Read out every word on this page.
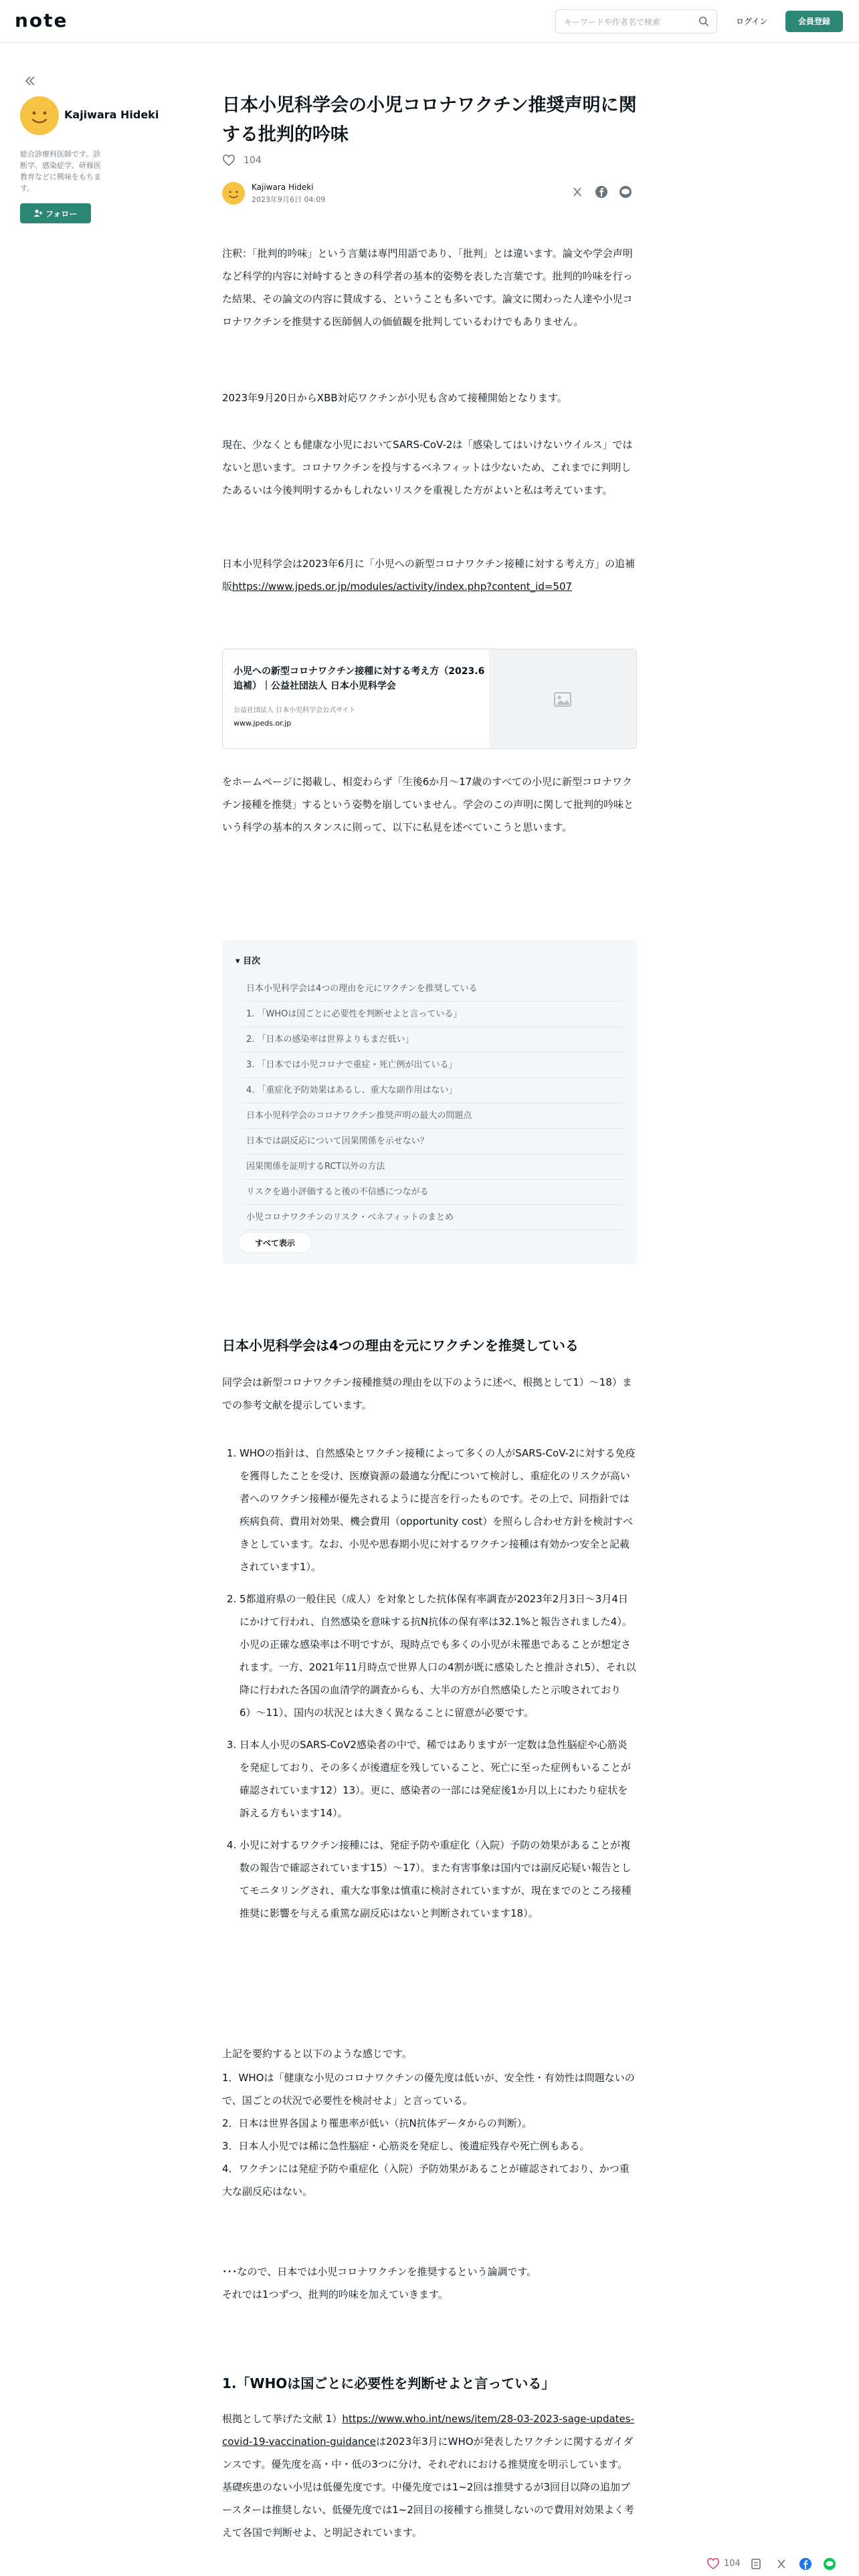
note
キーワードや作者名で検索	ログイン	会員登録
Kajiwara Hideki
総合診療科医師です。診断学、感染症学、研修医教育などに興味をもちます。
フォロー
日本小児科学会の小児コロナワクチン推奨声明に関する批判的吟味
104
Kajiwara Hideki
2023年9月6日 04:09

注釈：「批判的吟味」という言葉は専門用語であり、「批判」とは違います。論文や学会声明など科学的内容に対峙するときの科学者の基本的姿勢を表した言葉です。批判的吟味を行った結果、その論文の内容に賛成する、ということも多いです。論文に関わった人達や小児コロナワクチンを推奨する医師個人の価値観を批判しているわけでもありません。

2023年9月20日からXBB対応ワクチンが小児も含めて接種開始となります。

現在、少なくとも健康な小児においてSARS-CoV-2は「感染してはいけないウイルス」ではないと思います。コロナワクチンを投与するベネフィットは少ないため、これまでに判明したあるいは今後判明するかもしれないリスクを重視した方がよいと私は考えています。

日本小児科学会は2023年6月に「小児への新型コロナワクチン接種に対する考え方」の追補版https://www.jpeds.or.jp/modules/activity/index.php?content_id=507

小児への新型コロナワクチン接種に対する考え方（2023.6追補）｜公益社団法人 日本小児科学会
公益社団法人 日本小児科学会公式サイト
www.jpeds.or.jp

をホームページに掲載し、相変わらず「生後6か月〜17歳のすべての小児に新型コロナワクチン接種を推奨」するという姿勢を崩していません。学会のこの声明に関して批判的吟味という科学の基本的スタンスに則って、以下に私見を述べていこうと思います。

▾ 目次
日本小児科学会は4つの理由を元にワクチンを推奨している
1. 「WHOは国ごとに必要性を判断せよと言っている」
2. 「日本の感染率は世界よりもまだ低い」
3. 「日本では小児コロナで重症・死亡例が出ている」
4. 「重症化予防効果はあるし、重大な副作用はない」
日本小児科学会のコロナワクチン推奨声明の最大の問題点
日本では副反応について因果関係を示せない？
因果関係を証明するRCT以外の方法
リスクを過小評価すると後の不信感につながる
小児コロナワクチンのリスク・ベネフィットのまとめ
すべて表示
日本小児科学会は4つの理由を元にワクチンを推奨している

同学会は新型コロナワクチン接種推奨の理由を以下のように述べ、根拠として1）〜18）までの参考文献を提示しています。

1. WHOの指針は、自然感染とワクチン接種によって多くの人がSARS-CoV-2に対する免疫を獲得したことを受け、医療資源の最適な分配について検討し、重症化のリスクが高い者へのワクチン接種が優先されるように提言を行ったものです。その上で、同指針では疾病負荷、費用対効果、機会費用（opportunity cost）を照らし合わせ方針を検討すべきとしています。なお、小児や思春期小児に対するワクチン接種は有効かつ安全と記載されています1）。
2. 5都道府県の一般住民（成人）を対象とした抗体保有率調査が2023年2月3日〜3月4日にかけて行われ、自然感染を意味する抗N抗体の保有率は32.1%と報告されました4）。小児の正確な感染率は不明ですが、現時点でも多くの小児が未罹患であることが想定されます。一方、2021年11月時点で世界人口の4割が既に感染したと推計され5）、それ以降に行われた各国の血清学的調査からも、大半の方が自然感染したと示唆されており6）〜11）、国内の状況とは大きく異なることに留意が必要です。
3. 日本人小児のSARS-CoV2感染者の中で、稀ではありますが一定数は急性脳症や心筋炎を発症しており、その多くが後遺症を残していること、死亡に至った症例もいることが確認されています12）13）。更に、感染者の一部には発症後1か月以上にわたり症状を訴える方もいます14）。
4. 小児に対するワクチン接種には、発症予防や重症化（入院）予防の効果があることが複数の報告で確認されています15）〜17）。また有害事象は国内では副反応疑い報告としてモニタリングされ、重大な事象は慎重に検討されていますが、現在までのところ接種推奨に影響を与える重篤な副反応はないと判断されています18）。

上記を要約すると以下のような感じです。

1．WHOは「健康な小児のコロナワクチンの優先度は低いが、安全性・有効性は問題ないので、国ごとの状況で必要性を検討せよ」と言っている。
2．日本は世界各国より罹患率が低い（抗N抗体データからの判断）。
3．日本人小児では稀に急性脳症・心筋炎を発症し、後遺症残存や死亡例もある。
4．ワクチンには発症予防や重症化（入院）予防効果があることが確認されており、かつ重大な副反応はない。
･･･なので、日本では小児コロナワクチンを推奨するという論調です。
それでは1つずつ、批判的吟味を加えていきます。
1.「WHOは国ごとに必要性を判断せよと言っている」

根拠として挙げた文献 1）https://www.who.int/news/item/28-03-2023-sage-updates-covid-19-vaccination-guidanceは2023年3月にWHOが発表したワクチンに関するガイダンスです。優先度を高・中・低の3つに分け、それぞれにおける推奨度を明示しています。基礎疾患のない小児は低優先度です。中優先度では1~2回は推奨するが3回目以降の追加ブースターは推奨しない、低優先度では1~2回目の接種すら推奨しないので費用対効果よく考えて各国で判断せよ、と明記されています。

104
